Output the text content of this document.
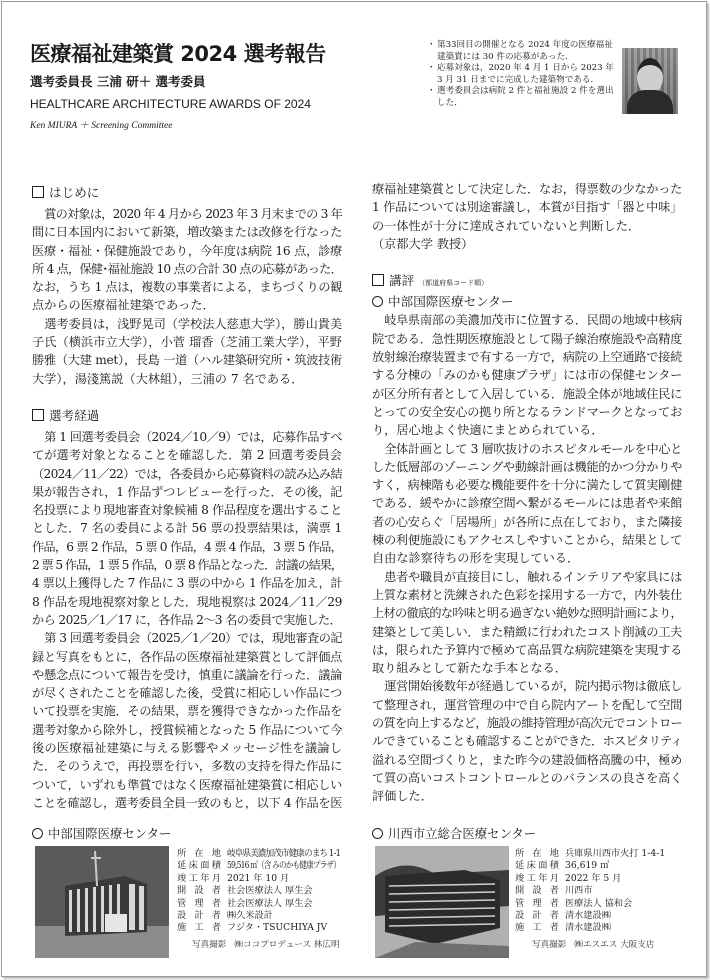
医療福祉建築賞 2024 選考報告
選考委員長 三浦 研＋ 選考委員
HEALTHCARE ARCHITECTURE AWARDS OF 2024
Ken MIURA ＋ Screening Committee
・ 第33回目の開催となる 2024 年度の医療福祉建築賞には 30 件の応募があった．
・ 応募対象は，2020 年 4 月 1 日から 2023 年 3 月 31 日までに完成した建築物である．
・ 選考委員会は病院 2 件と福祉施設 2 件を選出した．
はじめに
賞の対象は，2020 年 4 月から 2023 年 3 月末までの 3 年
間に日本国内において新築，増改築または改修を行なった
医療・福祉・保健施設であり，今年度は病院 16 点，診療
所 4 点，保健･福祉施設 10 点の合計 30 点の応募があった．
なお，うち 1 点は，複数の事業者による，まちづくりの観
点からの医療福祉建築であった．
選考委員は，浅野晃司（学校法人慈恵大学），勝山貴美
子氏（横浜市立大学），小菅 瑠香（芝浦工業大学），平野
勝雅（大建 met），長島 一道（ハル建築研究所・筑波技術
大学），湯淺篤説（大林組），三浦の 7 名である．
選考経過
第 1 回選考委員会（2024／10／9）では，応募作品すべ
てが選考対象となることを確認した．第 2 回選考委員会
（2024／11／22）では，各委員から応募資料の読み込み結
果が報告され，1 作品ずつレビューを行った．その後，記
名投票により現地審査対象候補 8 作品程度を選出すること
とした．7 名の委員による計 56 票の投票結果は，満票 1
作品，6 票 2 作品，5 票 0 作品，4 票 4 作品，3 票 5 作品，
2 票 5 作品，1 票 5 作品，0 票 8 作品となった．討議の結果，
4 票以上獲得した 7 作品に 3 票の中から 1 作品を加え，計
8 作品を現地視察対象とした．現地視察は 2024／11／29
から 2025／1／17 に，各作品 2～3 名の委員で実施した．
第 3 回選考委員会（2025／1／20）では，現地審査の記
録と写真をもとに，各作品の医療福祉建築賞として評価点
や懸念点について報告を受け，慎重に議論を行った．議論
が尽くされたことを確認した後，受賞に相応しい作品につ
いて投票を実施．その結果，票を獲得できなかった作品を
選考対象から除外し，授賞候補となった 5 作品について今
後の医療福祉建築に与える影響やメッセージ性を議論し
た．そのうえで，再投票を行い，多数の支持を得た作品に
ついて，いずれも準賞ではなく医療福祉建築賞に相応しい
ことを確認し，選考委員全員一致のもと，以下 4 作品を医
療福祉建築賞として決定した．なお，得票数の少なかった
1 作品については別途審議し，本賞が目指す「器と中味」
の一体性が十分に達成されていないと判断した．
（京都大学 教授）
講評 （都道府県コード順）
中部国際医療センター
岐阜県南部の美濃加茂市に位置する．民間の地域中核病
院である．急性期医療施設として陽子線治療施設や高精度
放射線治療装置まで有する一方で，病院の上空通路で接続
する分棟の「みのかも健康プラザ」には市の保健センター
が区分所有者として入居している．施設全体が地域住民に
とっての安全安心の拠り所となるランドマークとなってお
り，居心地よく快適にまとめられている．
全体計画として 3 層吹抜けのホスピタルモールを中心と
した低層部のゾーニングや動線計画は機能的かつ分かりや
すく，病棟階も必要な機能要件を十分に満たして質実剛健
である．緩やかに診療空間へ繋がるモールには患者や来館
者の心安らぐ「居場所」が各所に点在しており，また隣接
棟の利便施設にもアクセスしやすいことから，結果として
自由な診察待ちの形を実現している．
患者や職員が直接目にし，触れるインテリアや家具には
上質な素材と洗練された色彩を採用する一方で，内外装仕
上材の徹底的な吟味と明る過ぎない絶妙な照明計画により，
建築として美しい．また精緻に行われたコスト削減の工夫
は，限られた予算内で極めて高品質な病院建築を実現する
取り組みとして新たな手本となる．
運営開始後数年が経過しているが，院内掲示物は徹底し
て整理され，運営管理の中で自ら院内アートを配して空間
の質を向上するなど，施設の維持管理が高次元でコントロー
ルできていることも確認することができた．ホスピタリティ
溢れる空間づくりと，また昨今の建設価格高騰の中，極め
て質の高いコストコントロールとのバランスの良さを高く
評価した．
中部国際医療センター
所在地 岐阜県美濃加茂市健康のまち 1-1
延床面積 59,516 ㎡（含 みのかも健康プラザ）
竣工年月 2021 年 10 月
開設者 社会医療法人 厚生会
管理者 社会医療法人 厚生会
設計者 ㈱久米設計
施工者 フジタ・TSUCHIYA JV
写真撮影 ㈱ココプロデュース 林広明
川西市立総合医療センター
所在地 兵庫県川西市火打 1-4-1
延床面積 36,619 ㎡
竣工年月 2022 年 5 月
開設者 川西市
管理者 医療法人 協和会
設計者 清水建設㈱
施工者 清水建設㈱
写真撮影 ㈱エスエス 大阪支店
